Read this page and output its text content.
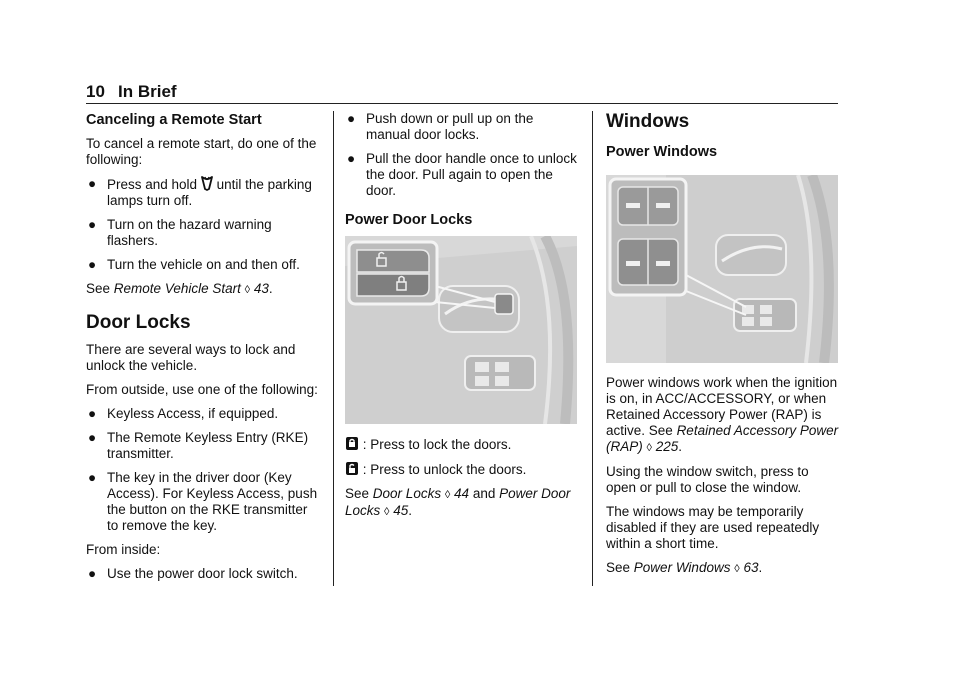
10 In Brief
Canceling a Remote Start

To cancel a remote start, do one of the following:

● Press and hold until the parking lamps turn off.
● Turn on the hazard warning flashers.
● Turn the vehicle on and then off.

See Remote Vehicle Start ◊ 43.

Door Locks

There are several ways to lock and unlock the vehicle.

From outside, use one of the following:

● Keyless Access, if equipped.
● The Remote Keyless Entry (RKE) transmitter.
● The key in the driver door (Key Access). For Keyless Access, push the button on the RKE transmitter to remove the key.

From inside:

● Use the power door lock switch.
● Push down or pull up on the manual door locks.
● Pull the door handle once to unlock the door. Pull again to open the door.
Power Door Locks

: Press to lock the doors.

: Press to unlock the doors.

See Door Locks ◊ 44 and Power Door Locks ◊ 45.

Windows
Power Windows

Power windows work when the ignition is on, in ACC/ACCESSORY, or when Retained Accessory Power (RAP) is active. See Retained Accessory Power (RAP) ◊ 225.

Using the window switch, press to open or pull to close the window.

The windows may be temporarily disabled if they are used repeatedly within a short time.

See Power Windows ◊ 63.
